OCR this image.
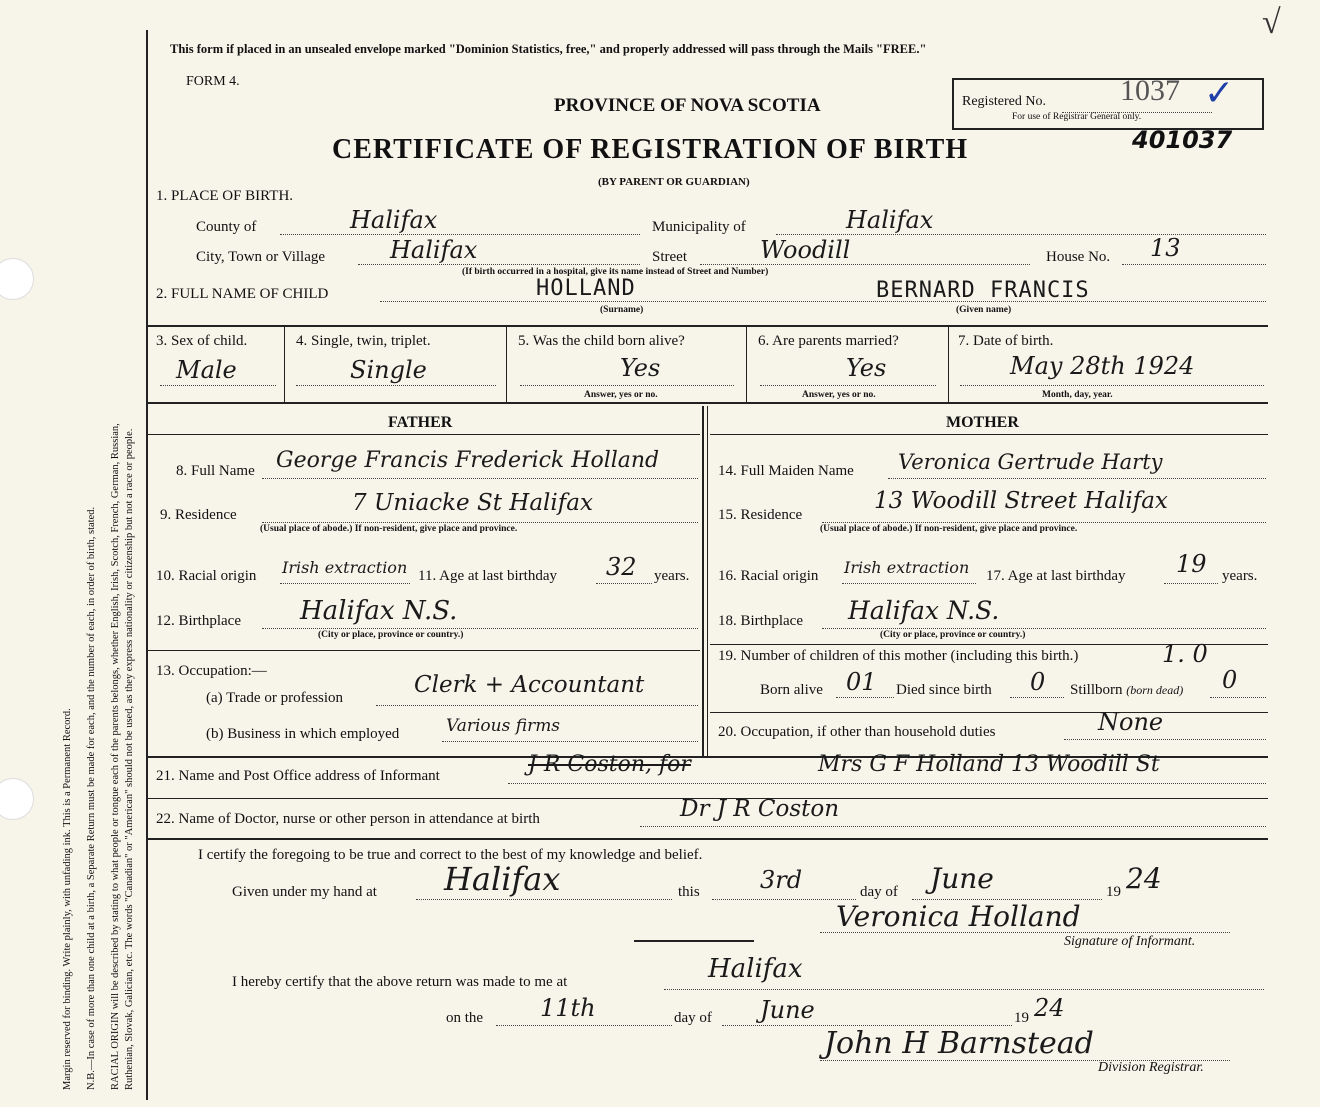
Margin reserved for binding. Write plainly, with unfading ink. This is a Permanent Record. N.B.—In case of more than one child at a birth, a Separate Return must be made for each, and the number of each, in order of birth, stated. RACIAL ORIGIN will be described by stating to what people or tongue each of the parents belongs, whether English, Irish, Scotch, French, German, Russian, Ruthenian, Slovak, Galician, etc. The words "Canadian" or "American" should not be used, as they express nationality or citizenship but not a race or people.
This form if placed in an unsealed envelope marked "Dominion Statistics, free," and properly addressed will pass through the Mails "FREE."
FORM 4.
PROVINCE OF NOVA SCOTIA
CERTIFICATE OF REGISTRATION OF BIRTH
(BY PARENT OR GUARDIAN)
Registered No. 1037
For use of Registrar General only.
✓
401037
√
1. PLACE OF BIRTH.
County of	Halifax	Municipality of	Halifax
City, Town or Village	Halifax	Street	Woodill	House No. 13
(If birth occurred in a hospital, give its name instead of Street and Number)
2. FULL NAME OF CHILD	HOLLAND	BERNARD FRANCIS
(Surname)	(Given name)
3. Sex of child.
Male
4. Single, twin, triplet.
Single
5. Was the child born alive?
Yes
Answer, yes or no.
6. Are parents married?
Yes
Answer, yes or no.
7. Date of birth.
May 28th 1924
Month, day, year.
FATHER	MOTHER
8. Full Name George Francis Frederick Holland
9. Residence	7 Uniacke St Halifax
(Usual place of abode.) If non-resident, give place and province.
10. Racial origin Irish extraction 11. Age at last birthday 32 years.
12. Birthplace Halifax N.S.
(City or place, province or country.)
13. Occupation:—
(a) Trade or profession	Clerk + Accountant
(b) Business in which employed	Various firms
14. Full Maiden Name Veronica Gertrude Harty
15. Residence
13 Woodill Street Halifax
(Usual place of abode.) If non-resident, give place and province.
16. Racial origin Irish extraction 17. Age at last birthday 19 years.
18. Birthplace Halifax N.S.
(City or place, province or country.)
19. Number of children of this mother (including this birth.)	1. 0
Born alive 01 Died since birth 0 Stillborn (born dead) 0
20. Occupation, if other than household duties	None
21. Name and Post Office address of Informant	J R Coston, for	Mrs G F Holland 13 Woodill St
22. Name of Doctor, nurse or other person in attendance at birth	Dr J R Coston
I certify the foregoing to be true and correct to the best of my knowledge and belief.
Given under my hand at Halifax	this	3rd	day of June	19 24
Veronica Holland
Signature of Informant.
I hereby certify that the above return was made to me at	Halifax
on the 11th	day of June	19 24
John H Barnstead
Division Registrar.
